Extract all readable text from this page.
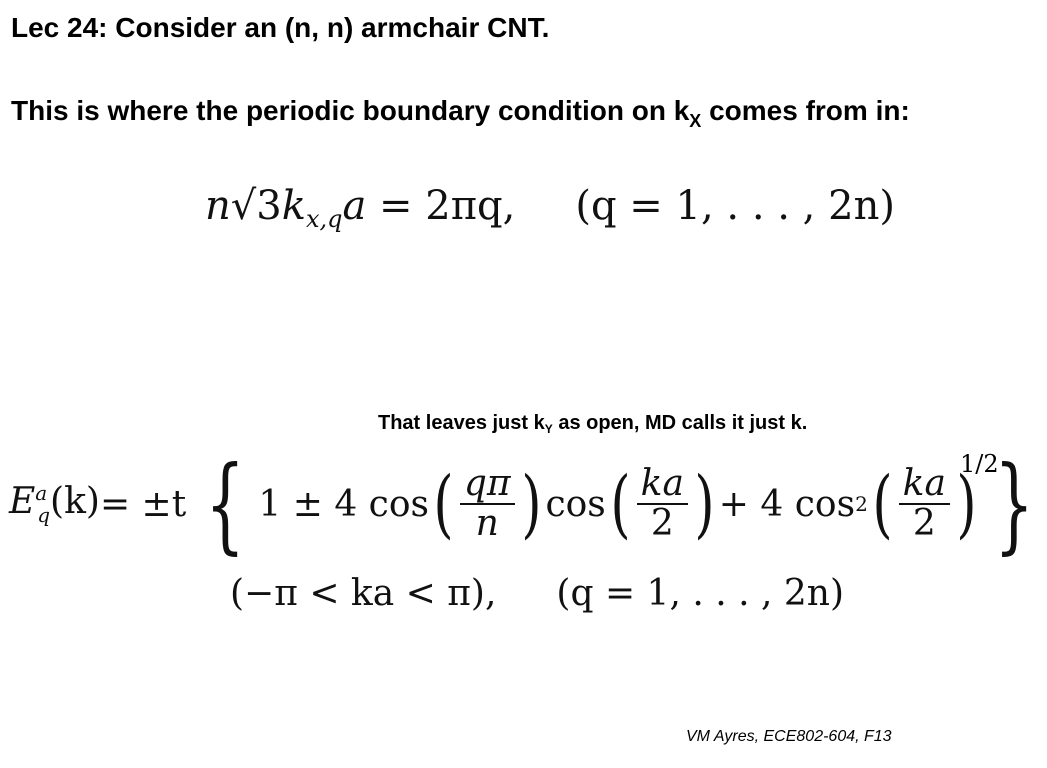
Lec 24: Consider an (n, n) armchair CNT.
This is where the periodic boundary condition on $k_X$ comes from in:
$n√3k_{x,q}a = 2\pi q$, (q = 1, . . . , 2n)
That leaves just $k_Y$ as open, MD calls it just k.
$E^a_q(k) = \pm t$ { 1 ± 4 cos ( $\frac{q\pi}{n}$ ) cos ( $\frac{ka}{2}$ ) + 4 cos 2 ( $\frac{ka}{2}$ ) }
1/2
(−π < ka < π), (q = 1, . . . , 2n)
VM Ayres, ECE802-604, F13
